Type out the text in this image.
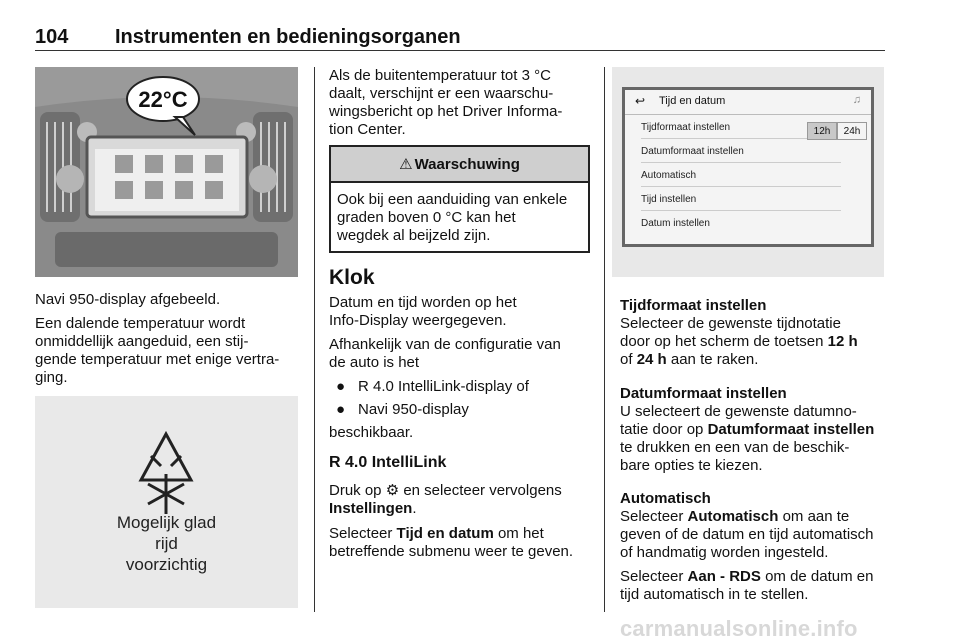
104 Instrumenten en bedieningsorganen
22°C
Navi 950-display afgebeeld.
Een dalende temperatuur wordt
onmiddellijk aangeduid, een stij-
gende temperatuur met enige vertra-
ging.
Mogelijk glad
rijd
voorzichtig
Als de buitentemperatuur tot 3 °C
daalt, verschijnt er een waarschu-
wingsbericht op het Driver Informa-
tion Center.
⚠ Waarschuwing
Ook bij een aanduiding van enkele
graden boven 0 °C kan het
wegdek al beijzeld zijn.
Klok
Datum en tijd worden op het
Info-Display weergegeven.
Afhankelijk van de configuratie van
de auto is het
● R 4.0 IntelliLink-display of
● Navi 950-display
beschikbaar.
R 4.0 IntelliLink
Druk op ⚙ en selecteer vervolgens
Instellingen.
Selecteer Tijd en datum om het
betreffende submenu weer te geven.
↩ Tijd en datum	♫
Tijdformaat instellen	12h	24h
Datumformaat instellen
Automatisch
Tijd instellen
Datum instellen
Tijdformaat instellen
Selecteer de gewenste tijdnotatie
door op het scherm de toetsen 12 h
of 24 h aan te raken.
Datumformaat instellen
U selecteert de gewenste datumno-
tatie door op Datumformaat instellen
te drukken en een van de beschik-
bare opties te kiezen.
Automatisch
Selecteer Automatisch om aan te
geven of de datum en tijd automatisch
of handmatig worden ingesteld.
Selecteer Aan - RDS om de datum en
tijd automatisch in te stellen.
carmanualsonline.info
